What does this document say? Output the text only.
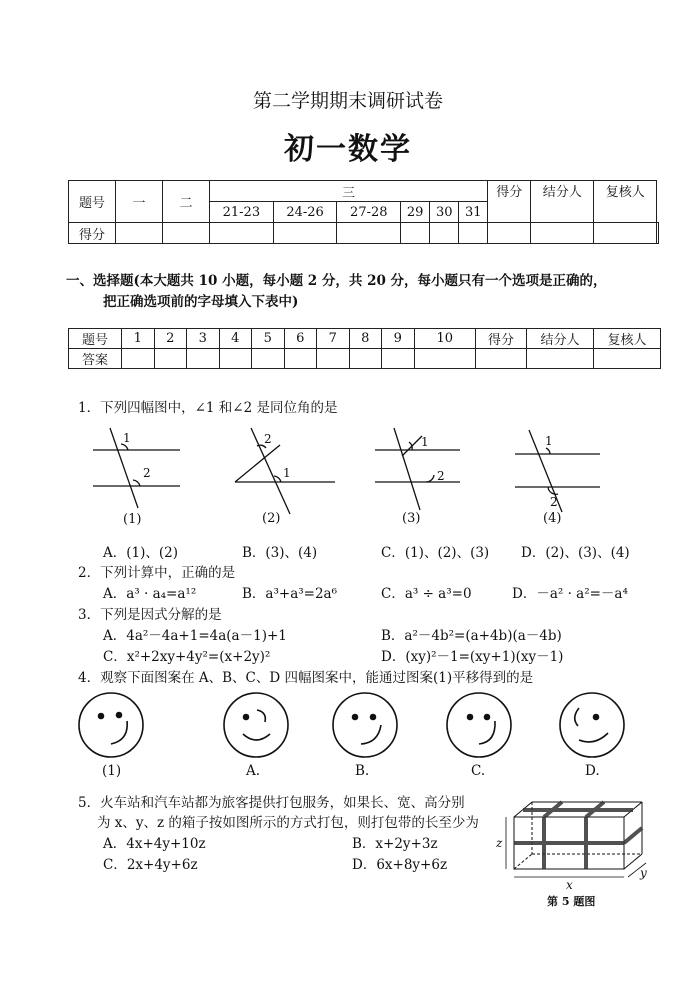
第二学期期末调研试卷
初一数学
题号	一	二	三						得分	结分人	复核人	
			21-23	24-26	27-28	29	30	31				
得分												
一、选择题(本大题共 10 小题，每小题 2 分，共 20 分，每小题只有一个选项是正确的，
把正确选项前的字母填入下表中)
题号	1	2	3	4	5	6	7	8	9	10	得分	结分人	复核人
答案													
1．下列四幅图中，∠1 和∠2 是同位角的是
1
2
2
1
1
2
1
2
(1)	(2)	(3)	(4)
A．(1)、(2)	B．(3)、(4)	C．(1)、(2)、(3) D．(2)、(3)、(4)
2．下列计算中，正确的是
A．a³ · a₄=a¹²	B．a³+a³=2a⁶	C．a³ ÷ a³=0	D．－a² · a²=－a⁴
3．下列是因式分解的是
A．4a²－4a+1=4a(a－1)+1	B．a²－4b²=(a+4b)(a－4b)
C．x²+2xy+4y²=(x+2y)²	D．(xy)²－1=(xy+1)(xy－1)
4．观察下面图案在 A、B、C、D 四幅图案中，能通过图案(1)平移得到的是
(1)	A.	B.	C.	D.
5．火车站和汽车站都为旅客提供打包服务，如果长、宽、高分别
为 x、y、z 的箱子按如图所示的方式打包，则打包带的长至少为
A．4x+4y+10z	B．x+2y+3z
C．2x+4y+6z	D．6x+8y+6z
x
y
z
第 5 题图
